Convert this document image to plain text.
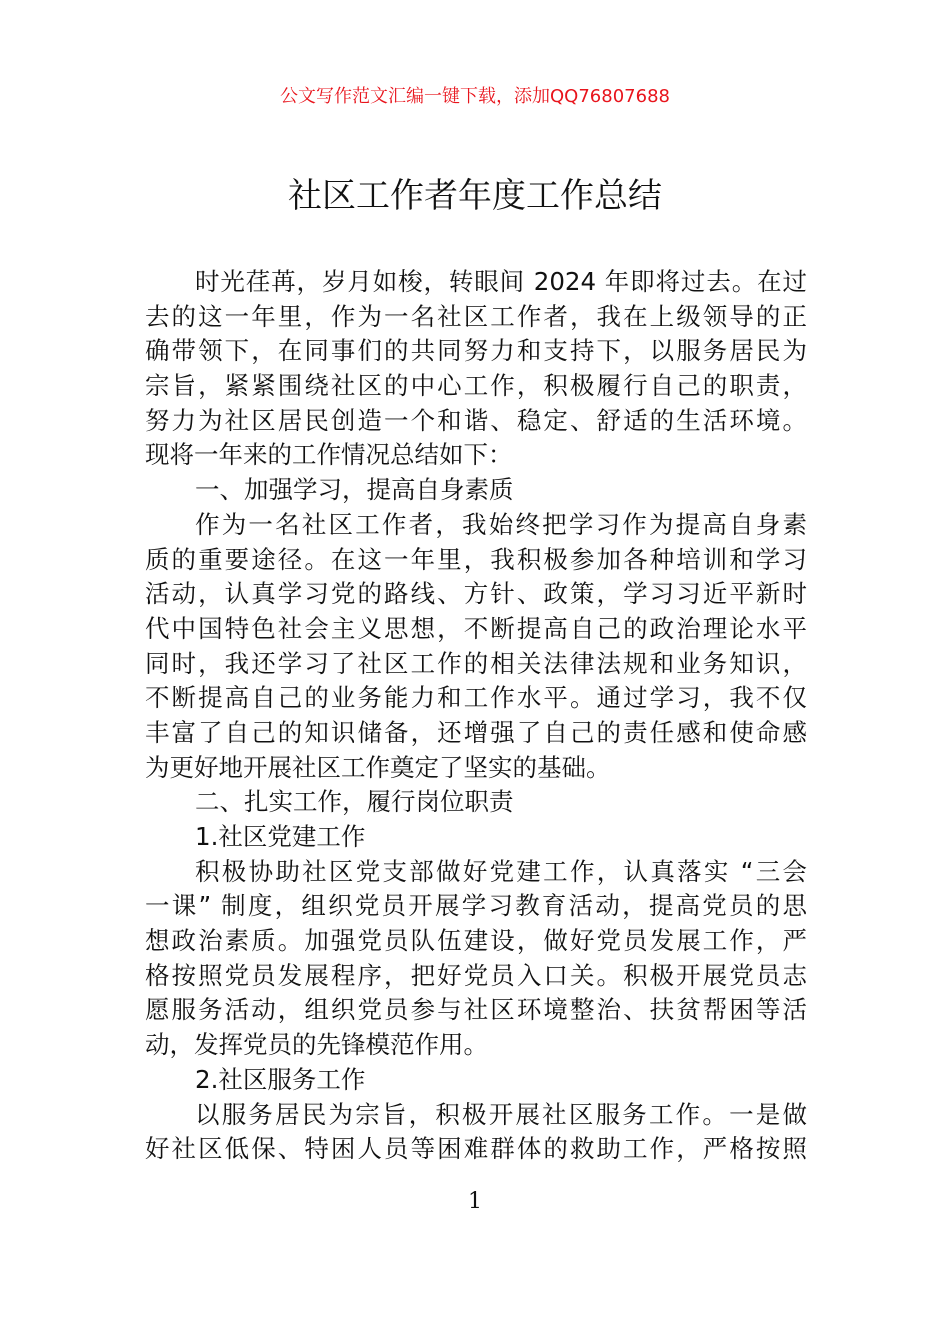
公文写作范文汇编一键下载，添加QQ76807688
社区工作者年度工作总结
时光荏苒，岁月如梭，转眼间 2024 年即将过去。在过
去的这一年里，作为一名社区工作者，我在上级领导的正
确带领下，在同事们的共同努力和支持下，以服务居民为
宗旨，紧紧围绕社区的中心工作，积极履行自己的职责，
努力为社区居民创造一个和谐、稳定、舒适的生活环境。
现将一年来的工作情况总结如下：
一、加强学习，提高自身素质
作为一名社区工作者，我始终把学习作为提高自身素
质的重要途径。在这一年里，我积极参加各种培训和学习
活动，认真学习党的路线、方针、政策，学习习近平新时
代中国特色社会主义思想，不断提高自己的政治理论水平
同时，我还学习了社区工作的相关法律法规和业务知识，
不断提高自己的业务能力和工作水平。通过学习，我不仅
丰富了自己的知识储备，还增强了自己的责任感和使命感
为更好地开展社区工作奠定了坚实的基础。
二、扎实工作，履行岗位职责
1.社区党建工作
积极协助社区党支部做好党建工作，认真落实 “三会
一课” 制度，组织党员开展学习教育活动，提高党员的思
想政治素质。加强党员队伍建设，做好党员发展工作，严
格按照党员发展程序，把好党员入口关。积极开展党员志
愿服务活动，组织党员参与社区环境整治、扶贫帮困等活
动，发挥党员的先锋模范作用。
2.社区服务工作
以服务居民为宗旨，积极开展社区服务工作。一是做
好社区低保、特困人员等困难群体的救助工作，严格按照
1
